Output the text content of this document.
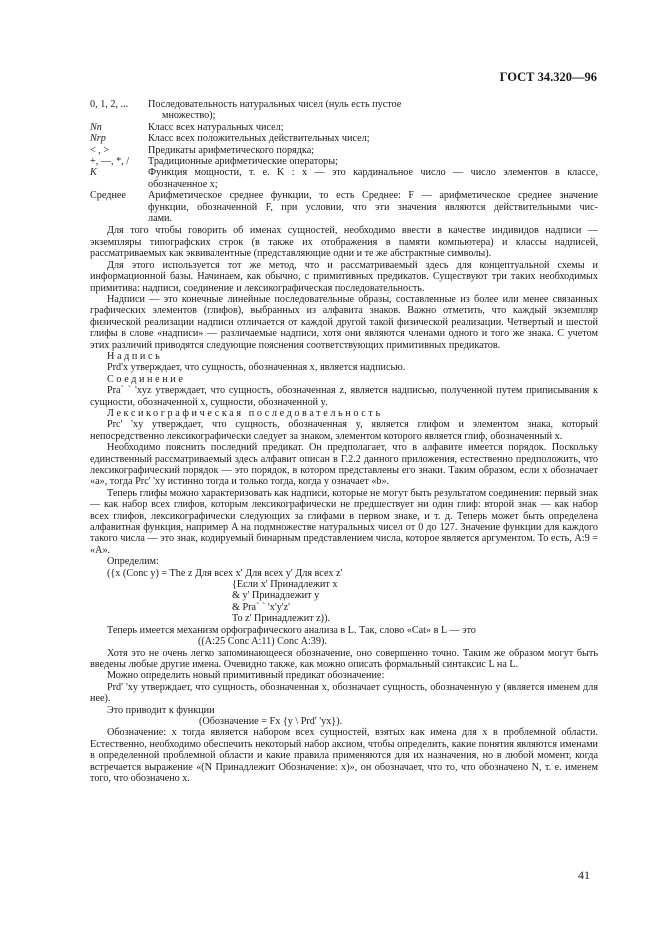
ГОСТ 34.320—96
0, 1, 2, ...	Последовательность натуральных чисел (нуль есть пустое
множество);
Nn	Класс всех натуральных чисел;
Nrp	Класс всех положительных действительных чисел;
< , >	Предикаты арифметического порядка;
+, —, *, /	Традиционные арифметические операторы;
K	Функция мощности, т. е. K : x — это кардинальное число — число элементов в классе,
обозначенное x;
Среднее	Арифметическое среднее функции, то есть Среднее: F — арифметическое среднее значение
функции, обозначенной F, при условии, что эти значения являются действительными чис-
лами.

Для того чтобы говорить об именах сущностей, необходимо ввести в качестве индивидов надписи — экземпляры типографских строк (в также их отображения в памяти компьютера) и классы надписей, рассматриваемых как эквивалентные (представляющие одни и те же абстрактные символы).

Для этого используется тот же метод, что и рассматриваемый здесь для концептуальной схемы и информационной базы. Начинаем, как обычно, с примитивных предикатов. Существуют три таких необходимых примитива: надписи, соединение и лексикографическая последовательность.

Надписи — это конечные линейные последовательные образы, составленные из более или менее связанных графических элементов (глифов), выбранных из алфавита знаков. Важно отметить, что каждый экземпляр физической реализации надписи отличается от каждой другой такой физической реализации. Четвертый и шестой глифы в слове «надписи» — различаемые надписи, хотя они являются членами одного и того же знака. С учетом этих различий приводятся следующие пояснения соответствующих примитивных предикатов.

Надпись

Prd'x утверждает, что сущность, обозначенная x, является надписью.

Соединение

Pra` ` 'xyz утверждает, что сущность, обозначенная z, является надписью, полученной путем приписывания к сущности, обозначенной x, сущности, обозначенной y.

Лексикографическая последовательность

Prc' 'xy утверждает, что сущность, обозначенная y, является глифом и элементом знака, который непосредственно лексикографически следует за знаком, элементом которого является глиф, обозначенный x.

Необходимо пояснить последний предикат. Он предполагает, что в алфавите имеется порядок. Поскольку единственный рассматриваемый здесь алфавит описан в Г.2.2 данного приложения, естественно предположить, что лексикографический порядок — это порядок, в котором представлены его знаки. Таким образом, если x обозначает «a», тогда Prc' 'xy истинно тогда и только тогда, когда y означает «b».

Теперь глифы можно характеризовать как надписи, которые не могут быть результатом соединения: первый знак — как набор всех глифов, которым лексикографически не предшествует ни один глиф: второй знак — как набор всех глифов, лексикографически следующих за глифами в первом знаке, и т. д. Теперь может быть определена алфавитная функция, например A на подмножестве натуральных чисел от 0 до 127. Значение функции для каждого такого числа — это знак, кодируемый бинарным представлением числа, которое является аргументом. То есть, A:9 = «A».

Определим:

({x (Conc y) = The z Для всех x' Для всех y' Для всех z'
{Если x' Принадлежит x
& y' Принадлежит y
& Pra` ` 'x'y'z'
То z' Принадлежит z)).

Теперь имеется механизм орфографического анализа в L. Так, слово «Cat» в L — это

((A:25 Conc A:11) Conc A:39).

Хотя это не очень легко запоминающееся обозначение, оно совершенно точно. Таким же образом могут быть введены любые другие имена. Очевидно также, как можно описать формальный синтаксис L на L.

Можно определить новый примитивный предикат обозначение:

Prd' 'xy утверждает, что сущность, обозначенная x, обозначает сущность, обозначенную y (является именем для нее).

Это приводит к функции

(Обозначение = Fx {y \ Prd' 'yx}).

Обозначение: x тогда является набором всех сущностей, взятых как имена для x в проблемной области. Естественно, необходимо обеспечить некоторый набор аксиом, чтобы определить, какие понятия являются именами в определенной проблемной области и какие правила применяются для их назначения, но в любой момент, когда встречается выражение «(N Принадлежит Обозначение: x)», он обозначает, что то, что обозначено N, т. е. именем того, что обозначено x.

41
